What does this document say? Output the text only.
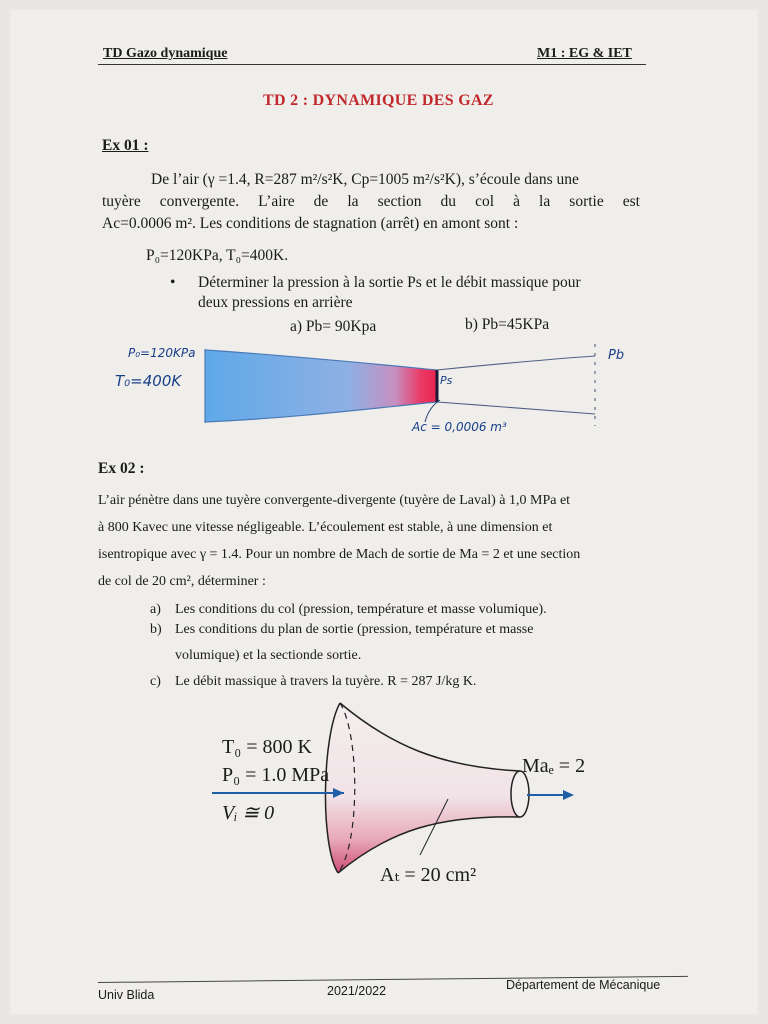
TD Gazo dynamique	M1 : EG & IET
TD 2 : DYNAMIQUE DES GAZ
Ex 01 :
De l’air (γ =1.4, R=287 m²/s²K, Cp=1005 m²/s²K), s’écoule dans une
tuyère convergente. L’aire de la section du col à la sortie est
Ac=0.0006 m². Les conditions de stagnation (arrêt) en amont sont :
P₀=120KPa, T₀=400K.
• Déterminer la pression à la sortie Ps et le débit massique pour
deux pressions en arrière
a) Pb= 90Kpa	b) Pb=45KPa
P₀=120KPa
T₀=400K	Ps
Pb
Ac = 0,0006 m³
Ex 02 :
L’air pénètre dans une tuyère convergente-divergente (tuyère de Laval) à 1,0 MPa et
à 800 Kavec une vitesse négligeable. L’écoulement est stable, à une dimension et
isentropique avec γ = 1.4. Pour un nombre de Mach de sortie de Ma = 2 et une section
de col de 20 cm², déterminer :
a) Les conditions du col (pression, température et masse volumique).
b) Les conditions du plan de sortie (pression, température et masse
volumique) et la sectionde sortie.
c) Le débit massique à travers la tuyère. R = 287 J/kg K.
T₀ = 800 K
P₀ = 1.0 MPa
Vᵢ ≅ 0
Maₑ = 2
Aₜ = 20 cm²
Univ Blida	2021/2022	Département de Mécanique
